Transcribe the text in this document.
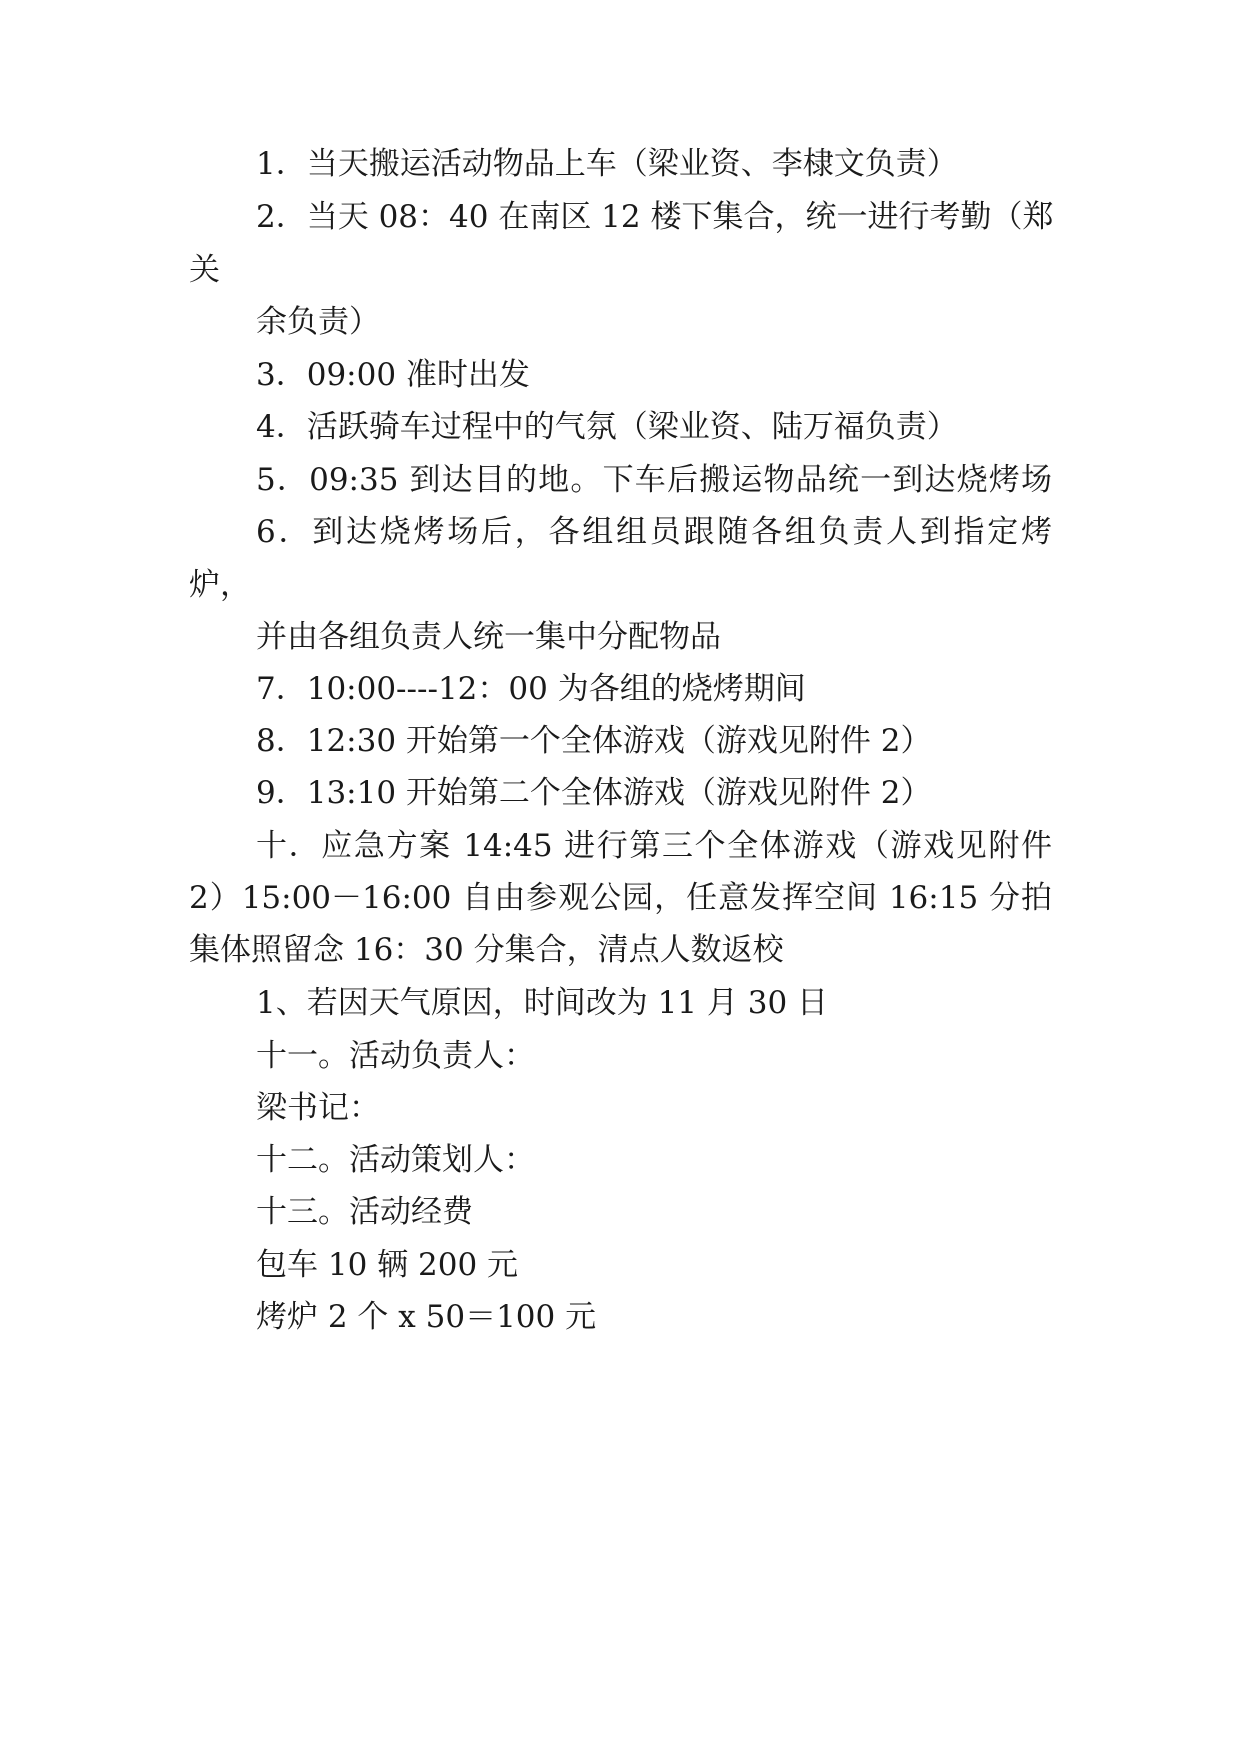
1．当天搬运活动物品上车（梁业资、李棣文负责）
2．当天 08：40 在南区 12 楼下集合，统一进行考勤（郑
关
余负责）
3．09:00 准时出发
4．活跃骑车过程中的气氛（梁业资、陆万福负责）
5．09:35 到达目的地。下车后搬运物品统一到达烧烤场
6．到达烧烤场后，各组组员跟随各组负责人到指定烤
炉，
并由各组负责人统一集中分配物品
7．10:00----12：00 为各组的烧烤期间
8．12:30 开始第一个全体游戏（游戏见附件 2）
9．13:10 开始第二个全体游戏（游戏见附件 2）
十．应急方案 14:45 进行第三个全体游戏（游戏见附件
2）15:00－16:00 自由参观公园，任意发挥空间 16:15 分拍
集体照留念 16：30 分集合，清点人数返校
1、若因天气原因，时间改为 11 月 30 日
十一。活动负责人：
梁书记：
十二。活动策划人：
十三。活动经费
包车 10 辆 200 元
烤炉 2 个 x 50＝100 元
